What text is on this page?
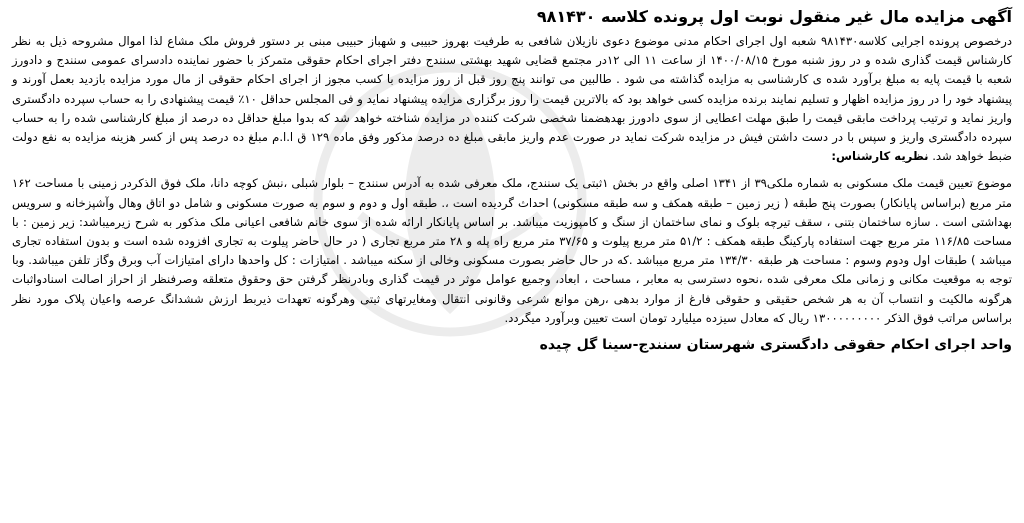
آگهی مزایده مال غیر منقول نوبت اول پرونده کلاسه ۹۸۱۴۳۰

درخصوص پرونده اجرایی کلاسه۹۸۱۴۳۰ شعبه اول اجرای احکام مدنی موضوع دعوی نازیلان شافعی به طرفیت بهروز حبیبی و شهباز حبیبی مبنی بر دستور فروش ملک مشاع لذا اموال مشروحه ذیل به نظر کارشناس قیمت گذاری شده و در روز شنبه مورخ ۱۴۰۰/۰۸/۱۵ از ساعت ۱۱ الی ۱۲در مجتمع قضایی شهید بهشتی سنندج دفتر اجرای احکام حقوقی متمرکز با حضور نماینده دادسرای عمومی سنندج و دادورز شعبه با قیمت پایه به مبلغ برآورد شده ی کارشناسی به مزایده گذاشته می شود . طالبین می توانند پنج روز قبل از روز مزایده با کسب مجوز از اجرای احکام حقوقی از مال مورد مزایده بازدید بعمل آورند و پیشنهاد خود را در روز مزایده اظهار و تسلیم نمایند برنده مزایده کسی خواهد بود که بالاترین قیمت را روز برگزاری مزایده پیشنهاد نماید و فی المجلس حداقل ۱۰٪ قیمت پیشنهادی را به حساب سپرده دادگستری واریز نماید و ترتیب پرداخت مابقی قیمت را طبق مهلت اعطایی از سوی دادورز بهدهضمنا شخصی شرکت کننده در مزایده شناخته خواهد شد که بدوا مبلغ حداقل ده درصد از مبلغ کارشناسی شده را به حساب سپرده دادگستری واریز و سپس با در دست داشتن فیش در مزایده شرکت نماید در صورت عدم واریز مابقی مبلغ ده درصد مذکور وفق ماده ۱۲۹ ق ا.ا.م مبلغ ده درصد پس از کسر هزینه مزایده به نفع دولت ضبط خواهد شد. نظریه کارشناس:

موضوع تعیین قیمت ملک مسکونی به شماره ملکی۳۹ از ۱۳۴۱ اصلی واقع در بخش ۱ثبتی یک سنندج، ملک معرفی شده به آدرس سنندج – بلوار شبلی ،نبش کوچه دانا، ملک فوق الذکردر زمینی با مساحت ۱۶۲ متر مربع (براساس پایانکار) بصورت پنج طبقه ( زیر زمین – طبقه همکف و سه طبقه مسکونی) احداث گردیده است ،. طبقه اول و دوم و سوم به صورت مسکونی و شامل دو اتاق وهال وآشپزخانه و سرویس بهداشتی است . سازه ساختمان بتنی ، سقف تیرچه بلوک و نمای ساختمان از سنگ و کامپوزیت میباشد. بر اساس پایانکار ارائه شده از سوی خانم شافعی اعیانی ملک مذکور به شرح زیرمیباشد: زیر زمین : با مساحت ۱۱۶/۸۵ متر مربع جهت استفاده پارکینگ طبقه همکف : ۵۱/۲ متر مربع پیلوت و ۳۷/۶۵ متر مربع راه پله و ۲۸ متر مربع تجاری ( در حال حاضر پیلوت به تجاری افزوده شده است و بدون استفاده تجاری میباشد ) طبقات اول ودوم وسوم : مساحت هر طبقه ۱۳۴/۳۰ متر مربع میباشد .که در حال حاضر بصورت مسکونی وخالی از سکنه میباشد . امتیازات : کل واحدها دارای امتیازات آب وبرق وگاز تلفن میباشد. وبا توجه به موقعیت مکانی و زمانی ملک معرفی شده ،نحوه دسترسی به معابر ، مساحت ، ابعاد، وجمیع عوامل موثر در قیمت گذاری وبادرنظر گرفتن حق وحقوق متعلقه وصرفنظر از احراز اصالت اسنادواثبات هرگونه مالکیت و انتساب آن به هر شخص حقیقی و حقوقی فارغ از موارد بدهی ،رهن موانع شرعی وقانونی انتقال ومغایرتهای ثبتی وهرگونه تعهدات ذیربط ارزش ششدانگ عرصه واعیان پلاک مورد نظر براساس مراتب فوق الذکر ۱۳۰۰۰۰۰۰۰۰۰ ریال که معادل سیزده میلیارد تومان است تعیین وبرآورد میگردد.

واحد اجرای احکام حقوقی دادگستری شهرستان سنندج-سینا گل چیده
